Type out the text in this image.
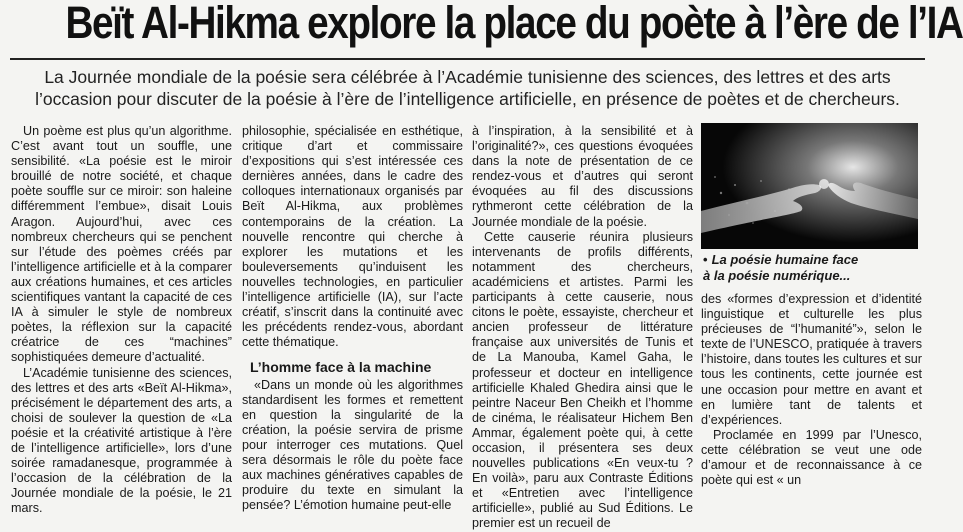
Beït Al-Hikma explore la place du poète à l’ère de l’IA

La Journée mondiale de la poésie sera célébrée à l’Académie tunisienne des sciences, des lettres et des arts

l’occasion pour discuter de la poésie à l’ère de l’intelligence artificielle, en présence de poètes et de chercheurs.

Un poème est plus qu’un algorithme. C’est avant tout un souffle, une sensibilité. «La poésie est le miroir brouillé de notre société, et chaque poète souffle sur ce miroir: son haleine différemment l’embue», disait Louis Aragon. Aujourd’hui, avec ces nombreux chercheurs qui se penchent sur l’étude des poèmes créés par l’intelligence artificielle et à la comparer aux créations humaines, et ces articles scientifiques vantant la capacité de ces IA à simuler le style de nombreux poètes, la réflexion sur la capacité créatrice de ces “machines” sophistiquées demeure d’actualité.

L’Académie tunisienne des sciences, des lettres et des arts «Beït Al-Hikma», précisément le département des arts, a choisi de soulever la question de «La poésie et la créativité artistique à l’ère de l’intelligence artificielle», lors d’une soirée ramadanesque, programmée à l’occasion de la célébration de la Journée mondiale de la poésie, le 21 mars.

philosophie, spécialisée en esthétique, critique d’art et commissaire d’expositions qui s’est intéressée ces dernières années, dans le cadre des colloques internationaux organisés par Beït Al-Hikma, aux problèmes contemporains de la création. La nouvelle rencontre qui cherche à explorer les mutations et les bouleversements qu’induisent les nouvelles technologies, en particulier l’intelligence artificielle (IA), sur l’acte créatif, s’inscrit dans la continuité avec les précédents rendez-vous, abordant cette thématique.

L’homme face à la machine

«Dans un monde où les algorithmes standardisent les formes et remettent en question la singularité de la création, la poésie servira de prisme pour interroger ces mutations. Quel sera désormais le rôle du poète face aux machines génératives capables de produire du texte en simulant la pensée? L’émotion humaine peut-elle

à l’inspiration, à la sensibilité et à l’originalité?», ces questions évoquées dans la note de présentation de ce rendez-vous et d’autres qui seront évoquées au fil des discussions rythmeront cette célébration de la Journée mondiale de la poésie.

Cette causerie réunira plusieurs intervenants de profils différents, notamment des chercheurs, académiciens et artistes. Parmi les participants à cette causerie, nous citons le poète, essayiste, chercheur et ancien professeur de littérature française aux universités de Tunis et de La Manouba, Kamel Gaha, le professeur et docteur en intelligence artificielle Khaled Ghedira ainsi que le peintre Naceur Ben Cheikh et l’homme de cinéma, le réalisateur Hichem Ben Ammar, également poète qui, à cette occasion, il présentera ses deux nouvelles publications «En veux-tu ? En voilà», paru aux Contraste Éditions et «Entretien avec l’intelligence artificielle», publié au Sud Éditions. Le premier est un recueil de

• La poésie humaine face

à la poésie numérique...

des «formes d’expression et d’identité linguistique et culturelle les plus précieuses de “l’humanité”», selon le texte de l’UNESCO, pratiquée à travers l’histoire, dans toutes les cultures et sur tous les continents, cette journée est une occasion pour mettre en avant et en lumière tant de talents et d’expériences.

Proclamée en 1999 par l’Unesco, cette célébration se veut une ode d’amour et de reconnaissance à ce poète qui est « un
